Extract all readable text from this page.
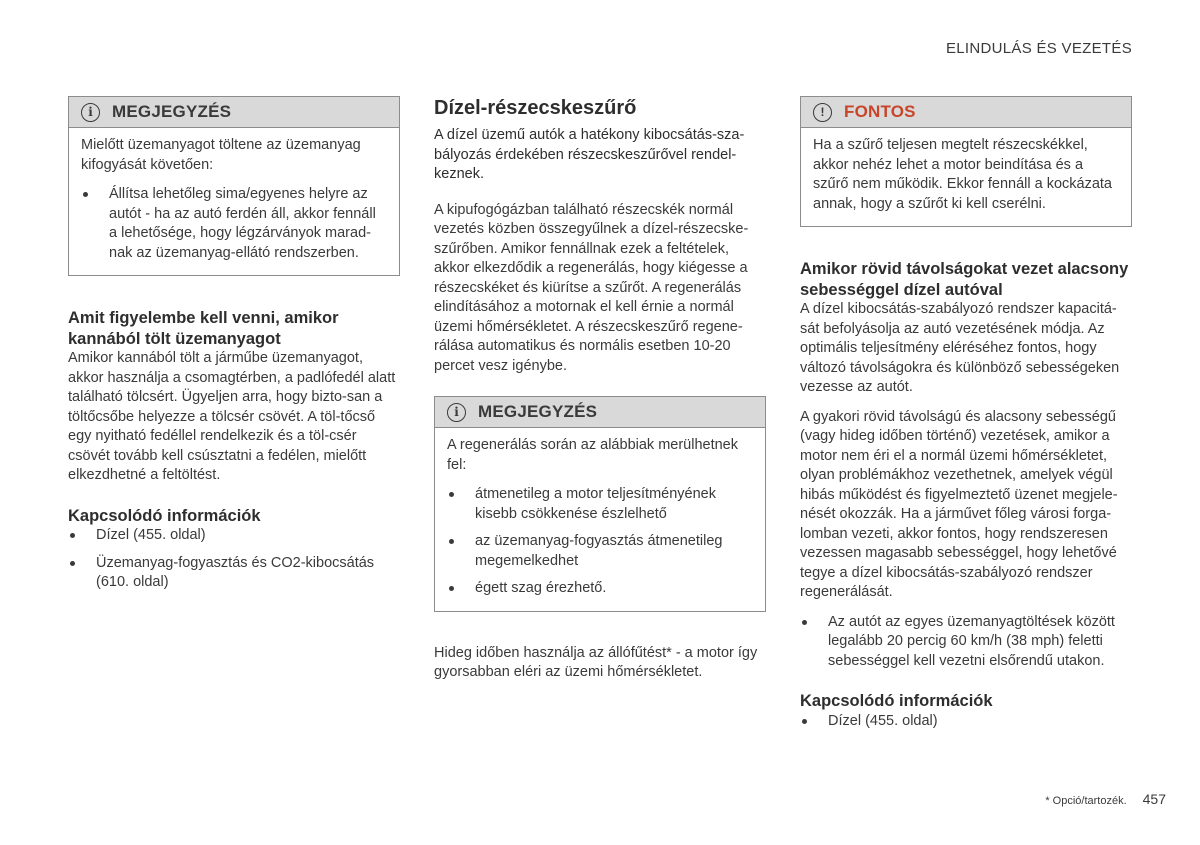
ELINDULÁS ÉS VEZETÉS
i	MEGJEGYZÉS

Mielőtt üzemanyagot töltene az üzemanyag kifogyását követően:

Állítsa lehetőleg sima/egyenes helyre az autót - ha az autó ferdén áll, akkor fennáll a lehetősége, hogy légzárványok marad-nak az üzemanyag-ellátó rendszerben.
Amit figyelembe kell venni, amikor kannából tölt üzemanyagot

Amikor kannából tölt a járműbe üzemanyagot, akkor használja a csomagtérben, a padlófedél alatt található tölcsért. Ügyeljen arra, hogy bizto-san a töltőcsőbe helyezze a tölcsér csövét. A töl-tőcső egy nyitható fedéllel rendelkezik és a töl-csér csövét tovább kell csúsztatni a fedélen, mielőtt elkezdhetné a feltöltést.

Kapcsolódó információk
Dízel (455. oldal)
Üzemanyag-fogyasztás és CO2-kibocsátás (610. oldal)
Dízel-részecskeszűrő

A dízel üzemű autók a hatékony kibocsátás-sza-bályozás érdekében részecskeszűrővel rendel-keznek.

A kipufogógázban található részecskék normál vezetés közben összegyűlnek a dízel-részecske-szűrőben. Amikor fennállnak ezek a feltételek, akkor elkezdődik a regenerálás, hogy kiégesse a részecskéket és kiürítse a szűrőt. A regenerálás elindításához a motornak el kell érnie a normál üzemi hőmérsékletet. A részecskeszűrő regene-rálása automatikus és normális esetben 10-20 percet vesz igénybe.

i	MEGJEGYZÉS

A regenerálás során az alábbiak merülhetnek fel:

átmenetileg a motor teljesítményének kisebb csökkenése észlelhető
az üzemanyag-fogyasztás átmenetileg megemelkedhet
égett szag érezhető.

Hideg időben használja az állófűtést* - a motor így gyorsabban eléri az üzemi hőmérsékletet.

!	FONTOS

Ha a szűrő teljesen megtelt részecskékkel, akkor nehéz lehet a motor beindítása és a szűrő nem működik. Ekkor fennáll a kockázata annak, hogy a szűrőt ki kell cserélni.

Amikor rövid távolságokat vezet alacsony sebességgel dízel autóval

A dízel kibocsátás-szabályozó rendszer kapacitá-sát befolyásolja az autó vezetésének módja. Az optimális teljesítmény eléréséhez fontos, hogy változó távolságokra és különböző sebességeken vezesse az autót.

A gyakori rövid távolságú és alacsony sebességű (vagy hideg időben történő) vezetések, amikor a motor nem éri el a normál üzemi hőmérsékletet, olyan problémákhoz vezethetnek, amelyek végül hibás működést és figyelmeztető üzenet megjele-nését okozzák. Ha a járművet főleg városi forga-lomban vezeti, akkor fontos, hogy rendszeresen vezessen magasabb sebességgel, hogy lehetővé tegye a dízel kibocsátás-szabályozó rendszer regenerálását.

Az autót az egyes üzemanyagtöltések között legalább 20 percig 60 km/h (38 mph) feletti sebességgel kell vezetni elsőrendű utakon.
Kapcsolódó információk
Dízel (455. oldal)
* Opció/tartozék. 457
